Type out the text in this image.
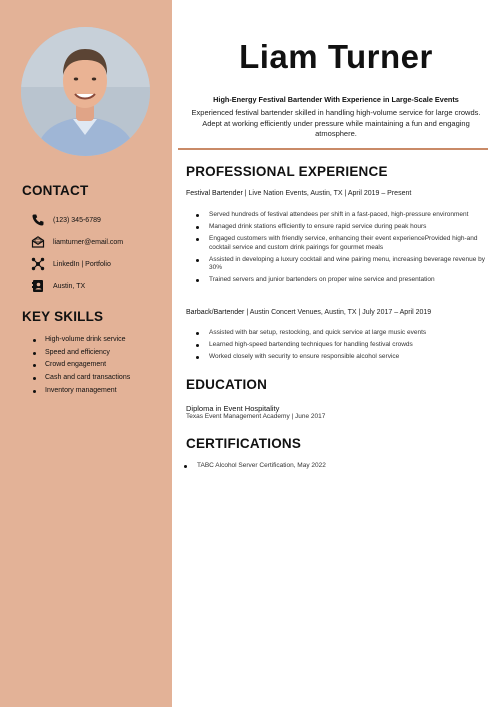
CONTACT
(123) 345-6789
liamturner@email.com
LinkedIn | Portfolio
Austin, TX
KEY SKILLS
High-volume drink service
Speed and efficiency
Crowd engagement
Cash and card transactions
Inventory management
Liam Turner

High-Energy Festival Bartender With Experience in Large-Scale Events

Experienced festival bartender skilled in handling high-volume service for large crowds. Adept at working efficiently under pressure while maintaining a fun and engaging atmosphere.

PROFESSIONAL EXPERIENCE

Festival Bartender | Live Nation Events, Austin, TX | April 2019 – Present

Served hundreds of festival attendees per shift in a fast-paced, high-pressure environment
Managed drink stations efficiently to ensure rapid service during peak hours
Engaged customers with friendly service, enhancing their event experienceProvided high-and cocktail service and custom drink pairings for gourmet meals
Assisted in developing a luxury cocktail and wine pairing menu, increasing beverage revenue by 30%
Trained servers and junior bartenders on proper wine service and presentation

Barback/Bartender | Austin Concert Venues, Austin, TX | July 2017 – April 2019

Assisted with bar setup, restocking, and quick service at large music events
Learned high-speed bartending techniques for handling festival crowds
Worked closely with security to ensure responsible alcohol service
EDUCATION

Diploma in Event Hospitality

Texas Event Management Academy | June 2017

CERTIFICATIONS
TABC Alcohol Server Certification, May 2022
